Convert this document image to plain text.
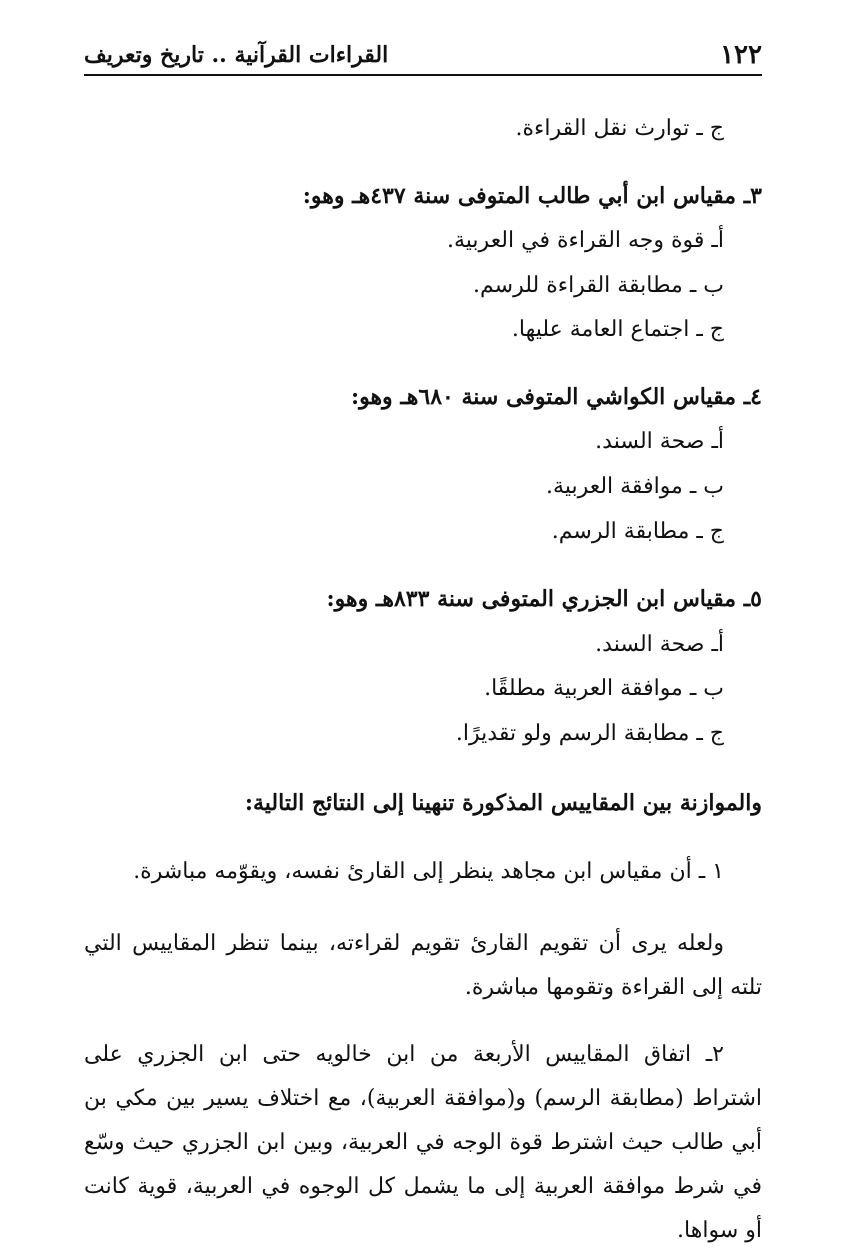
١٢٢
القراءات القرآنية .. تاريخ وتعريف
ج ـ توارث نقل القراءة.
٣ـ مقياس ابن أبي طالب المتوفى سنة ٤٣٧هـ وهو:
أـ قوة وجه القراءة في العربية.
ب ـ مطابقة القراءة للرسم.
ج ـ اجتماع العامة عليها.
٤ـ مقياس الكواشي المتوفى سنة ٦٨٠هـ وهو:
أـ صحة السند.
ب ـ موافقة العربية.
ج ـ مطابقة الرسم.
٥ـ مقياس ابن الجزري المتوفى سنة ٨٣٣هـ وهو:
أـ صحة السند.
ب ـ موافقة العربية مطلقًا.
ج ـ مطابقة الرسم ولو تقديرًا.
والموازنة بين المقاييس المذكورة تنهينا إلى النتائج التالية:
١ ـ أن مقياس ابن مجاهد ينظر إلى القارئ نفسه، ويقوّمه مباشرة.
ولعله يرى أن تقويم القارئ تقويم لقراءته، بينما تنظر المقاييس التي تلته إلى القراءة وتقومها مباشرة.
٢ـ اتفاق المقاييس الأربعة من ابن خالويه حتى ابن الجزري على اشتراط (مطابقة الرسم) و(موافقة العربية)، مع اختلاف يسير بين مكي بن أبي طالب حيث اشترط قوة الوجه في العربية، وبين ابن الجزري حيث وسّع في شرط موافقة العربية إلى ما يشمل كل الوجوه في العربية، قوية كانت أو سواها.
